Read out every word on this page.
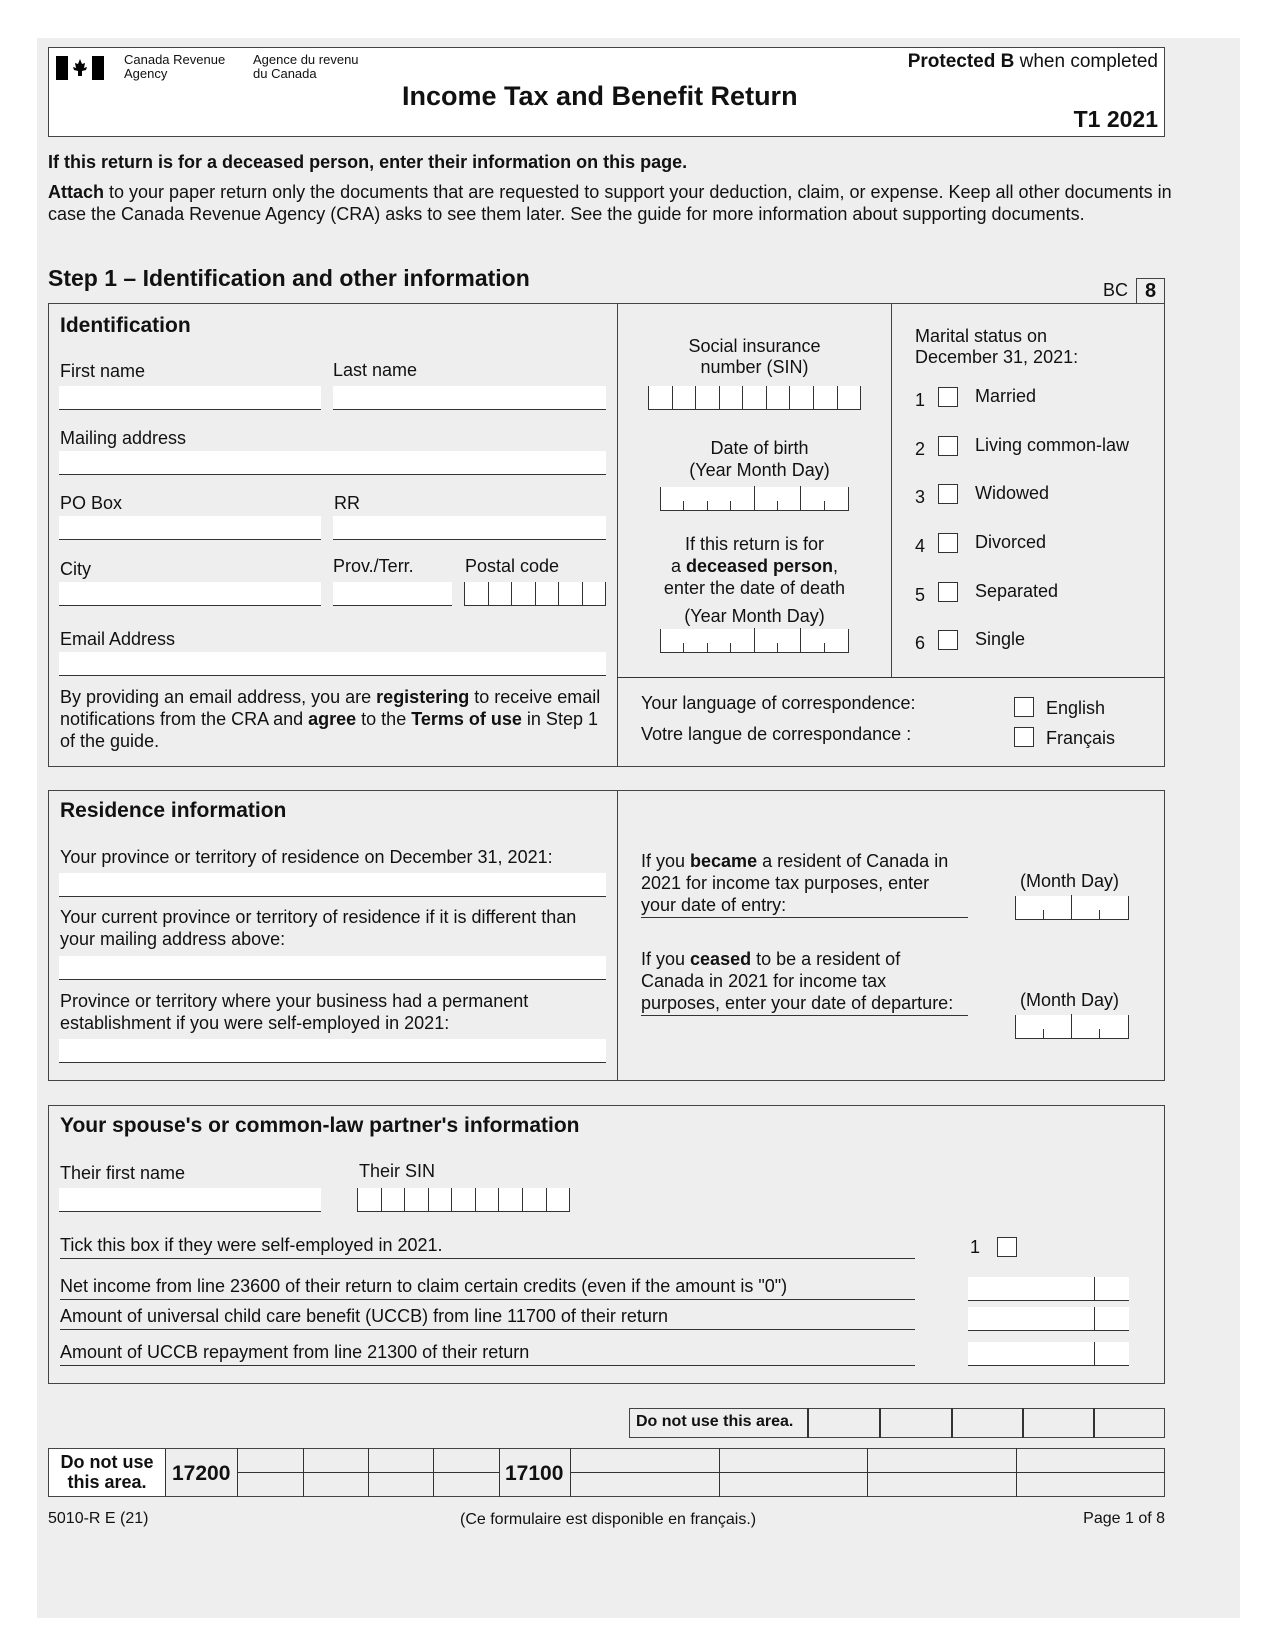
Canada Revenue
Agency
Agence du revenu
du Canada
Income Tax and Benefit Return
Protected B when completed
T1 2021
If this return is for a deceased person, enter their information on this page.
Attach to your paper return only the documents that are requested to support your deduction, claim, or expense. Keep all other documents in case the Canada Revenue Agency (CRA) asks to see them later. See the guide for more information about supporting documents.
Step 1 – Identification and other information	BC 8
Identification
First name	Last name
Mailing address
PO Box	RR
City	Prov./Terr.	Postal code
Email Address
By providing an email address, you are registering to receive email notifications from the CRA and agree to the Terms of use in Step 1 of the guide.
Social insurance
number (SIN)
Date of birth
(Year Month Day)
If this return is for
a deceased person,
enter the date of death
(Year Month Day)
Marital status on
December 31, 2021:
1	Married
2	Living common-law
3	Widowed
4	Divorced
5	Separated
6	Single
Your language of correspondence:
Votre langue de correspondance :
English
Français
Residence information
Your province or territory of residence on December 31, 2021:
Your current province or territory of residence if it is different than your mailing address above:
Province or territory where your business had a permanent establishment if you were self-employed in 2021:
If you became a resident of Canada in 2021 for income tax purposes, enter your date of entry:
(Month Day)
If you ceased to be a resident of Canada in 2021 for income tax purposes, enter your date of departure:	(Month Day)
Your spouse's or common-law partner's information
Their first name	Their SIN
Tick this box if they were self-employed in 2021.	1
Net income from line 23600 of their return to claim certain credits (even if the amount is "0")
Amount of universal child care benefit (UCCB) from line 11700 of their return
Amount of UCCB repayment from line 21300 of their return
Do not use this area.
Do not use
this area.	17200	17100
5010-R E (21)	(Ce formulaire est disponible en français.)	Page 1 of 8
